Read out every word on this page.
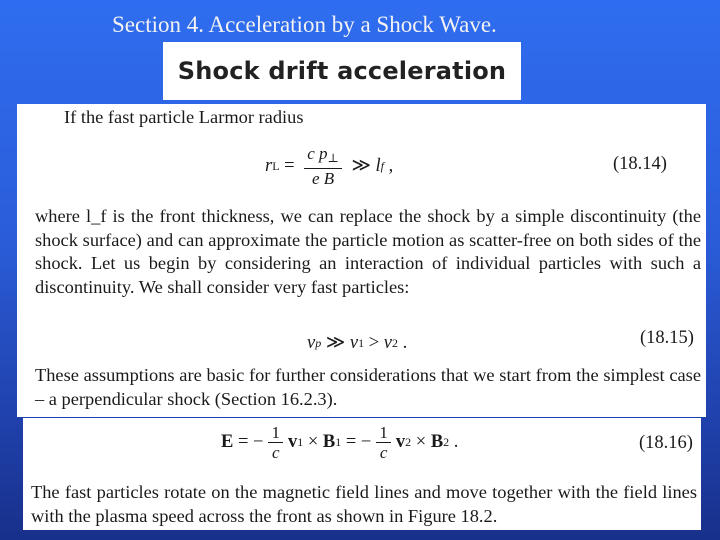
Section 4. Acceleration by a Shock Wave.
Shock drift acceleration
If the fast particle Larmor radius
r $L = \frac{c p_\perp}{\text{e B}}$ ≫ l f ,	(18.14)
where l_f is the front thickness, we can replace the shock by a simple discontinuity (the shock surface) and can approximate the particle motion as scatter-free on both sides of the shock. Let us begin by considering an interaction of individual particles with such a discontinuity. We shall consider very fast particles:
v p ≫ v 1 > v 2 .	(18.15)
These assumptions are basic for further considerations that we start from the simplest case – a perpendicular shock (Section 16.2.3).
E = − $\frac{1}{c}$ v 1 × B 1 = − $\frac{1}{c}$ v 2 × B 2 .	(18.16)
The fast particles rotate on the magnetic field lines and move together with the field lines with the plasma speed across the front as shown in Figure 18.2.
